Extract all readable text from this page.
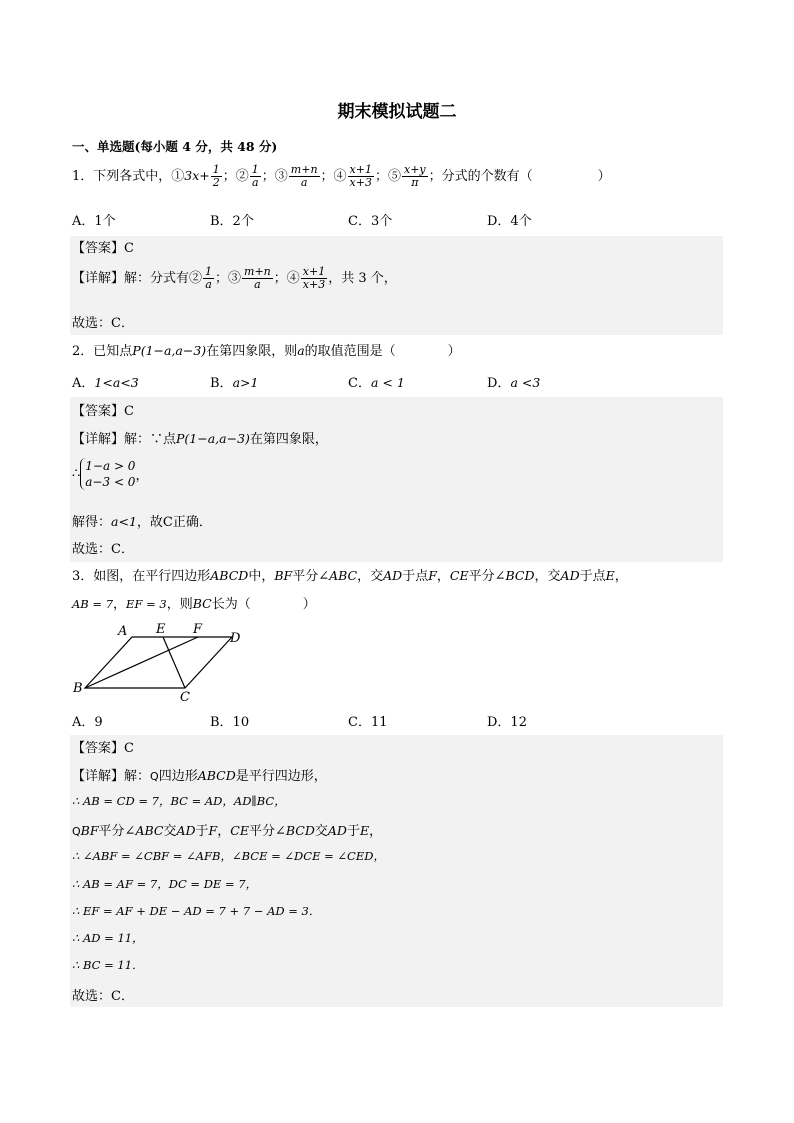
期末模拟试题二
一、单选题(每小题 4 分，共 48 分)
1．下列各式中，①3x+ $\frac{1}{2}$ ；② $\frac{1}{a}$ ；③ $\frac{m+n}{a}$ ；④ $\frac{x+1}{x+3}$ ；⑤ $\frac{x+y}{\pi}$ ；分式的个数有（　　　　　）
A．1个	B．2个	C．3个	D．4个
【答案】C
【详解】解：分式有② $\frac{1}{a}$ ；③ $\frac{m+n}{a}$ ；④ $\frac{x+1}{x+3}$ ，共 3 个，
故选：C．
2．已知点P(1−a,a−3)在第四象限，则a的取值范围是（　　　　）
A．1<a<3	B．a>1	C．a < 1	D．a <3
【答案】C
【详解】解：∵点P(1−a,a−3)在第四象限，
∴
1−a > 0
a−3 < 0 ，
解得：a<1，故C正确．
故选：C．
3．如图，在平行四边形ABCD中，BF平分∠ABC，交AD于点F，CE平分∠BCD，交AD于点E，
AB = 7，EF = 3，则BC长为（　　　　）
A E F
D
B
C
A．9	B．10	C．11	D．12
【答案】C
【详解】解：Q四边形ABCD是平行四边形，
∴ AB = CD = 7，BC = AD，AD∥BC，
QBF平分∠ABC交AD于F，CE平分∠BCD交AD于E，
∴ ∠ABF = ∠CBF = ∠AFB，∠BCE = ∠DCE = ∠CED，
∴ AB = AF = 7，DC = DE = 7，
∴ EF = AF + DE − AD = 7 + 7 − AD = 3．
∴ AD = 11，
∴ BC = 11．
故选：C．
